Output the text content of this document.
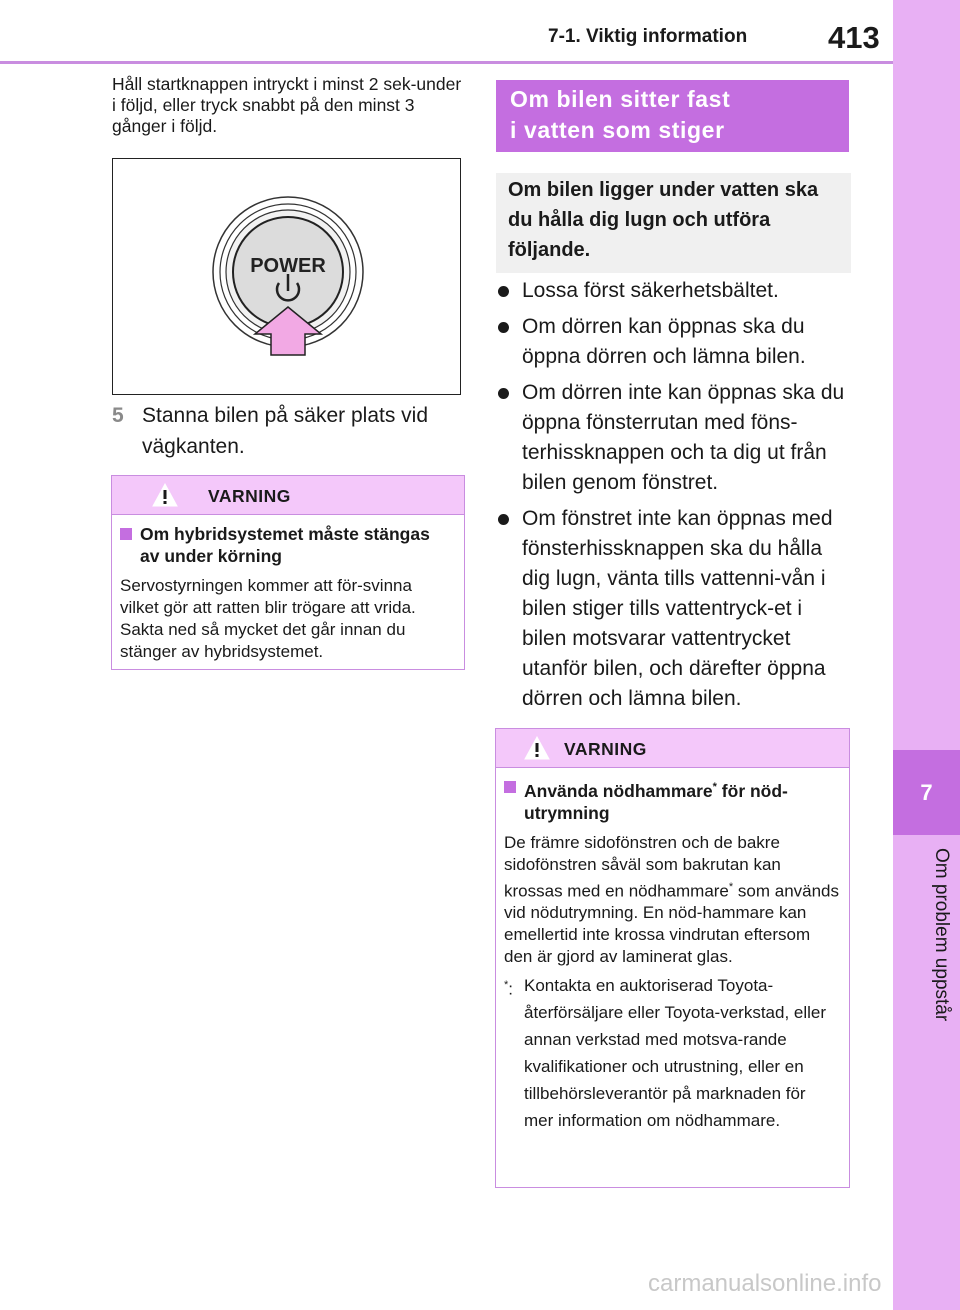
7-1. Viktig information	413
7
Om problem uppstår
Håll startknappen intryckt i minst 2 sek-under i följd, eller tryck snabbt på den minst 3 gånger i följd.
POWER
5 Stanna bilen på säker plats vid vägkanten.
VARNING
Om hybridsystemet måste stängas av under körning
Servostyrningen kommer att för-svinna vilket gör att ratten blir trögare att vrida. Sakta ned så mycket det går innan du stänger av hybridsystemet.
Om bilen sitter fast
i vatten som stiger
Om bilen ligger under vatten ska du hålla dig lugn och utföra följande.
Lossa först säkerhetsbältet.
Om dörren kan öppnas ska du öppna dörren och lämna bilen.
Om dörren inte kan öppnas ska du öppna fönsterrutan med föns-terhissknappen och ta dig ut från bilen genom fönstret.
Om fönstret inte kan öppnas med fönsterhissknappen ska du hålla dig lugn, vänta tills vattenni-vån i bilen stiger tills vattentryck-et i bilen motsvarar vattentrycket utanför bilen, och därefter öppna dörren och lämna bilen.
VARNING
Använda nödhammare* för nöd-utrymning
De främre sidofönstren och de bakre sidofönstren såväl som bakrutan kan krossas med en nödhammare* som används vid nödutrymning. En nöd-hammare kan emellertid inte krossa vindrutan eftersom den är gjord av laminerat glas.
*: Kontakta en auktoriserad Toyota-återförsäljare eller Toyota-verkstad, eller annan verkstad med motsva-rande kvalifikationer och utrustning, eller en tillbehörsleverantör på marknaden för mer information om nödhammare.
carmanualsonline.info
